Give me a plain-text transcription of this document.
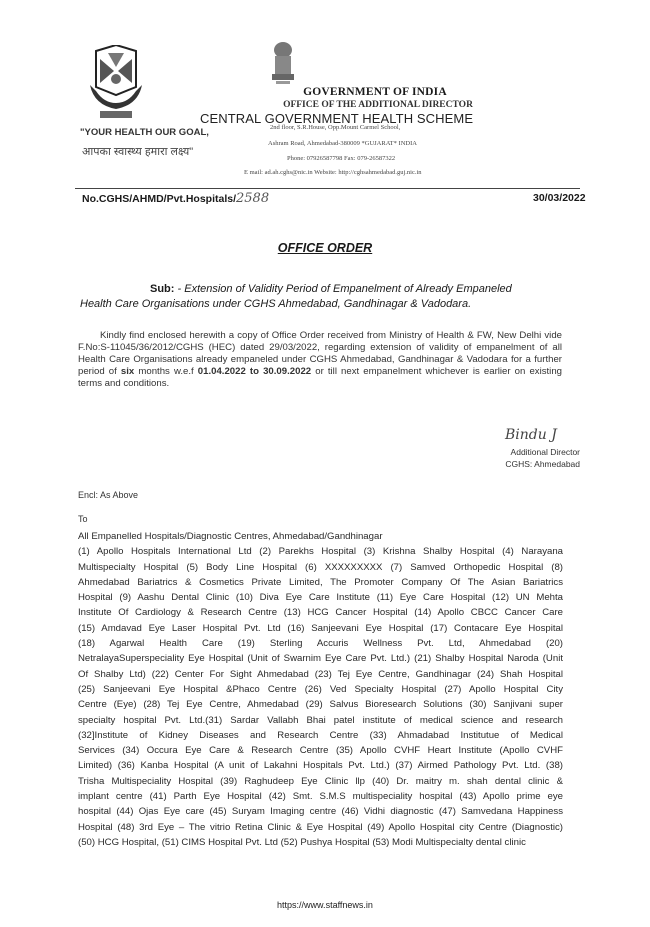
GOVERNMENT OF INDIA
OFFICE OF THE ADDITIONAL DIRECTOR
CENTRAL GOVERNMENT HEALTH SCHEME
"YOUR HEALTH OUR GOAL,
आपका स्वास्थ्य हमारा लक्ष्य"
2nd floor, S.R.House, Opp.Mount Carmel School,
Ashram Road, Ahmedabad-380009 *GUJARAT* INDIA
Phone: 07926587798 Fax: 079-26587322
E mail: ad.ah.cghs@nic.in Website: http://cghsahmedabad.guj.nic.in
No.CGHS/AHMD/Pvt.Hospitals/2588	30/03/2022
OFFICE ORDER
Sub: - Extension of Validity Period of Empanelment of Already Empaneled Health Care Organisations under CGHS Ahmedabad, Gandhinagar & Vadodara.

Kindly find enclosed herewith a copy of Office Order received from Ministry of Health & FW, New Delhi vide F.No:S-11045/36/2012/CGHS (HEC) dated 29/03/2022, regarding extension of validity of empanelment of all Health Care Organisations already empaneled under CGHS Ahmedabad, Gandhinagar & Vadodara for a further period of six months w.e.f 01.04.2022 to 30.09.2022 or till next empanelment whichever is earlier on existing terms and conditions.

Bindu J
Additional Director
CGHS: Ahmedabad
Encl: As Above
To
All Empanelled Hospitals/Diagnostic Centres, Ahmedabad/Gandhinagar
(1) Apollo Hospitals International Ltd (2) Parekhs Hospital (3) Krishna Shalby Hospital (4) Narayana
Multispecialty Hospital (5) Body Line Hospital (6) XXXXXXXXX (7) Samved Orthopedic Hospital (8)
Ahmedabad Bariatrics & Cosmetics Private Limited, The Promoter Company Of The Asian Bariatrics
Hospital (9) Aashu Dental Clinic (10) Diva Eye Care Institute (11) Eye Care Hospital (12) UN Mehta
Institute Of Cardiology & Research Centre (13) HCG Cancer Hospital (14) Apollo CBCC Cancer Care
(15) Amdavad Eye Laser Hospital Pvt. Ltd (16) Sanjeevani Eye Hospital (17) Contacare Eye Hospital
(18) Agarwal Health Care (19) Sterling Accuris Wellness Pvt. Ltd, Ahmedabad (20)
NetralayaSuperspeciality Eye Hospital (Unit of Swarnim Eye Care Pvt. Ltd.) (21) Shalby Hospital Naroda (Unit
Of Shalby Ltd) (22) Center For Sight Ahmedabad (23) Tej Eye Centre, Gandhinagar (24) Shah Hospital
(25) Sanjeevani Eye Hospital &Phaco Centre (26) Ved Specialty Hospital (27) Apollo Hospital City
Centre (Eye) (28) Tej Eye Centre, Ahmedabad (29) Salvus Bioresearch Solutions (30) Sanjivani super
specialty hospital Pvt. Ltd.(31) Sardar Vallabh Bhai patel institute of medical science and research
(32]Institute of Kidney Diseases and Research Centre (33) Ahmadabad Institutue of Medical
Services (34) Occura Eye Care & Research Centre (35) Apollo CVHF Heart Institute (Apollo CVHF
Limited) (36) Kanba Hospital (A unit of Lakahni Hospitals Pvt. Ltd.) (37) Airmed Pathology Pvt. Ltd. (38)
Trisha Multispeciality Hospital (39) Raghudeep Eye Clinic llp (40) Dr. maitry m. shah dental clinic &
implant centre (41) Parth Eye Hospital (42) Smt. S.M.S multispeciality hospital (43) Apollo prime eye
hospital (44) Ojas Eye care (45) Suryam Imaging centre (46) Vidhi diagnostic (47) Samvedana Happiness
Hospital (48) 3rd Eye – The vitrio Retina Clinic & Eye Hospital (49) Apollo Hospital city Centre (Diagnostic)
(50) HCG Hospital, (51) CIMS Hospital Pvt. Ltd (52) Pushya Hospital (53) Modi Multispecialty dental clinic
https://www.staffnews.in
